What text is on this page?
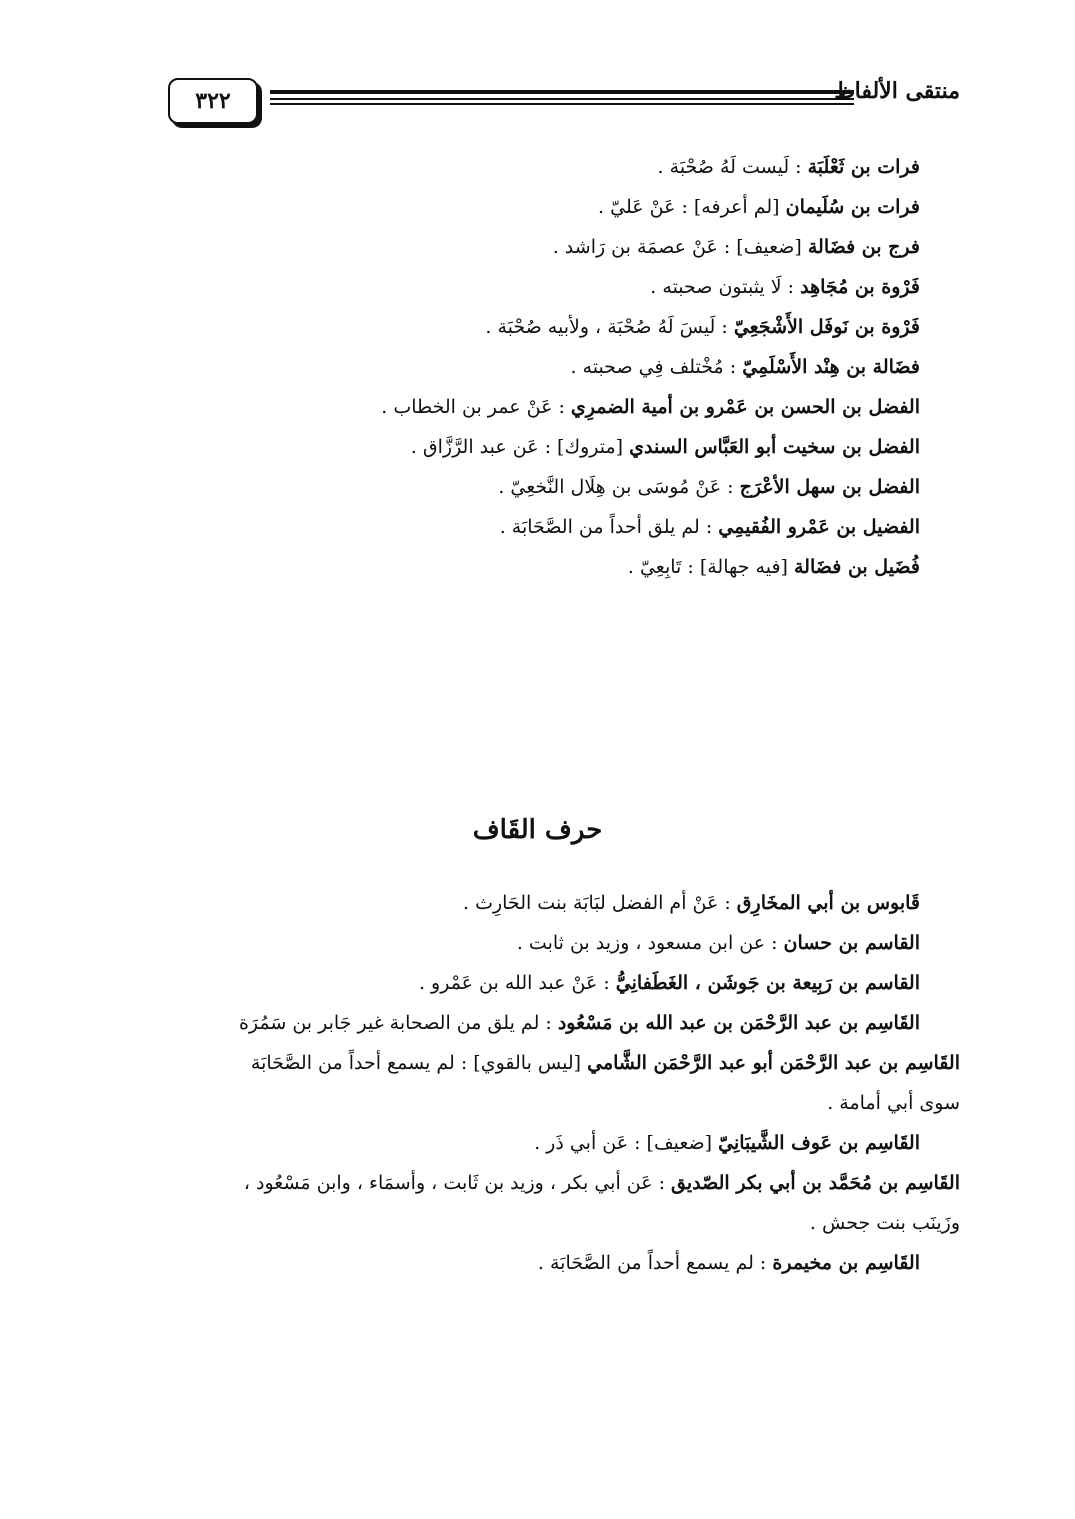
٣٢٢	منتقى الألفاظ
فرات بن ثَعْلَبَة : لَيست لَهُ صُحْبَة .
فرات بن سُلَيمان [لم أعرفه] : عَنْ عَليّ .
فرج بن فضَالة [ضعيف] : عَنْ عصمَة بن رَاشد .
فَرْوة بن مُجَاهِد : لَا يثبتون صحبته .
فَرْوة بن نَوفَل الأَشْجَعِيّ : لَيسَ لَهُ صُحْبَة ، ولأبيه صُحْبَة .
فضَالة بن هِنْد الأَسْلَمِيّ : مُخْتلف فِي صحبته .
الفضل بن الحسن بن عَمْرو بن أمية الضمرِي : عَنْ عمر بن الخطاب .
الفضل بن سخيت أبو العَبَّاس السندي [متروك] : عَن عبد الرَّزَّاق .
الفضل بن سهل الأعْرَج : عَنْ مُوسَى بن هِلَال النَّخعِيّ .
الفضيل بن عَمْرو الفُقيمِي : لم يلق أحداً من الصَّحَابَة .
فُضَيل بن فضَالة [فيه جهالة] : تَابِعِيّ .
حرف القَاف
قَابوس بن أبي المخَارِق : عَنْ أم الفضل لبَابَة بنت الحَارِث .
القاسم بن حسان : عن ابن مسعود ، وزيد بن ثابت .
القاسم بن رَبِيعة بن جَوشَن ، الغَطَفانِيُّ : عَنْ عبد الله بن عَمْرو .
القَاسِم بن عبد الرَّحْمَن بن عبد الله بن مَسْعُود : لم يلق من الصحابة غير جَابر بن سَمُرَة
القَاسِم بن عبد الرَّحْمَن أبو عبد الرَّحْمَن الشَّامي [ليس بالقوي] : لم يسمع أحداً من الصَّحَابَة
سوى أبي أمامة .
القَاسِم بن عَوف الشَّيبَانِيّ [ضعيف] : عَن أبي ذَر .
القَاسِم بن مُحَمَّد بن أبي بكر الصّديق : عَن أبي بكر ، وزيد بن ثَابت ، وأسمَاء ، وابن مَسْعُود ،
وزَينَب بنت جحش .
القَاسِم بن مخيمرة : لم يسمع أحداً من الصَّحَابَة .
